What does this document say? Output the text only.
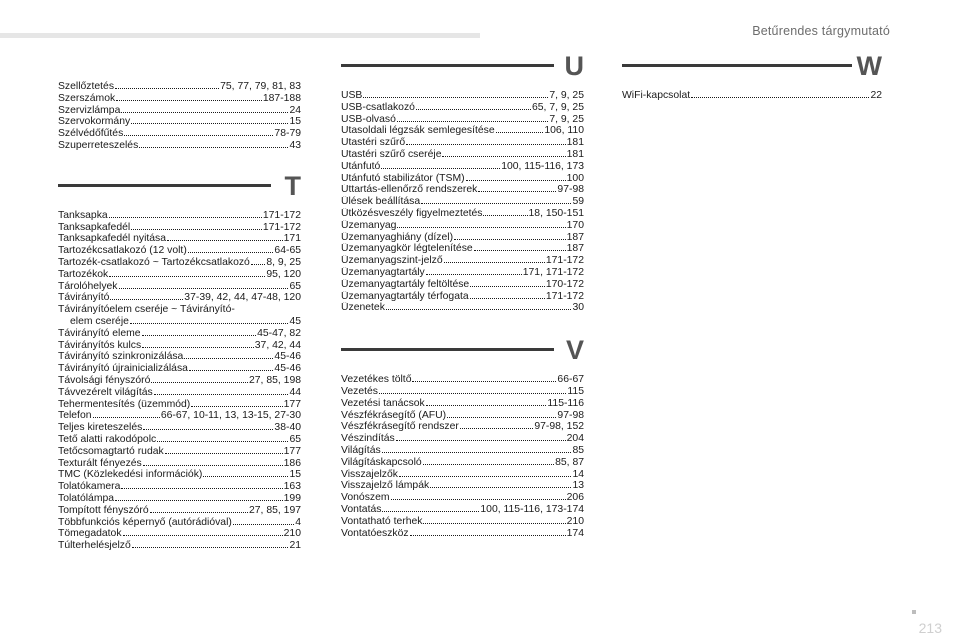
Betűrendes tárgymutató
Szellőztetés	75, 77, 79, 81, 83
Szerszámok	187-188
Szervizlámpa	24
Szervokormány	15
Szélvédőfűtés	78-79
Szuperreteszelés	43
T
Tanksapka	171-172
Tanksapkafedél	171-172
Tanksapkafedél nyitása	171
Tartozékcsatlakozó (12 volt)	64-65
Tartozék-csatlakozó ~ Tartozékcsatlakozó 8, 9, 25
Tartozékok	95, 120
Tárolóhelyek	65
Távirányító	37-39, 42, 44, 47-48, 120
Távirányítóelem cseréje ~ Távirányító-
elem cseréje	45
Távirányító eleme	45-47, 82
Távirányítós kulcs	37, 42, 44
Távirányító szinkronizálása	45-46
Távirányító újrainicializálása	45-46
Távolsági fényszóró	27, 85, 198
Távvezérelt világítás	44
Tehermentesítés (üzemmód)	177
Telefon	66-67, 10-11, 13, 13-15, 27-30
Teljes kireteszelés	38-40
Tető alatti rakodópolc	65
Tetőcsomagtartó rudak	177
Texturált fényezés	186
TMC (Közlekedési információk)	15
Tolatókamera	163
Tolatólámpa	199
Tompított fényszóró	27, 85, 197
Többfunkciós képernyő (autórádióval)	4
Tömegadatok	210
Túlterhelésjelző	21
U
USB	7, 9, 25
USB-csatlakozó	65, 7, 9, 25
USB-olvasó	7, 9, 25
Utasoldali légzsák semlegesítése	106, 110
Utastéri szűrő	181
Utastéri szűrő cseréje	181
Utánfutó	100, 115-116, 173
Utánfutó stabilizátor (TSM)	100
Úttartás-ellenőrző rendszerek	97-98
Ülések beállítása	59
Ütközésveszély figyelmeztetés	18, 150-151
Üzemanyag	170
Üzemanyaghiány (dízel)	187
Üzemanyagkör légtelenítése	187
Üzemanyagszint-jelző	171-172
Üzemanyagtartály	171, 171-172
Üzemanyagtartály feltöltése	170-172
Üzemanyagtartály térfogata	171-172
Üzenetek	30
V
Vezetékes töltő	66-67
Vezetés	115
Vezetési tanácsok	115-116
Vészfékrásegítő (AFU)	97-98
Vészfékrásegítő rendszer	97-98, 152
Vészindítás	204
Világítás	85
Világításkapcsoló	85, 87
Visszajelzők	14
Visszajelző lámpák	13
Vonószem	206
Vontatás	100, 115-116, 173-174
Vontatható terhek	210
Vontatóeszköz	174
W
WiFi-kapcsolat	22
213
